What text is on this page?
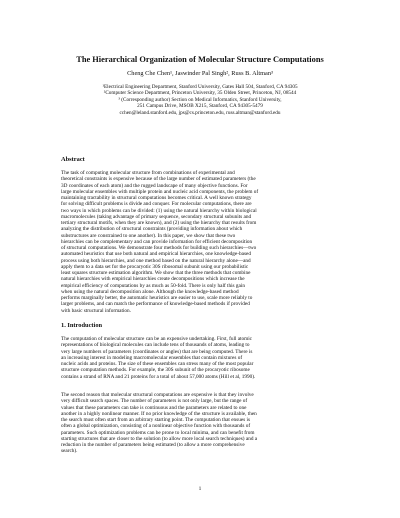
The Hierarchical Organization of Molecular Structure Computations
Cheng Che Chen¹, Jaswinder Pal Singh², Russ B. Altman³
¹Electrical Engineering Department, Stanford University, Gates Hall 504, Stanford, CA 94305
²Computer Science Department, Princeton University, 35 Olden Street, Princeton, NJ, 08544
³ (Corresponding author) Section on Medical Informatics, Stanford University,
251 Campus Drive, MSOB X215, Stanford, CA 94305-5479
cchen@leland.stanford.edu, jps@cs.princeton.edu, russ.altman@stanford.edu
Abstract
The task of computing molecular structure from combinations of experimental and
theoretical constraints is expensive because of the large number of estimated parameters (the
3D coordinates of each atom) and the rugged landscape of many objective functions. For
large molecular ensembles with multiple protein and nucleic acid components, the problem of
maintaining tractability in structural computations becomes critical. A well known strategy
for solving difficult problems is divide and conquer. For molecular computations, there are
two ways in which problems can be divided: (1) using the natural hierarchy within biological
macromolecules (taking advantage of primary sequence, secondary structural subunits and
tertiary structural motifs, when they are known), and (2) using the hierarchy that results from
analyzing the distribution of structural constraints (providing information about which
substructures are constrained to one another). In this paper, we show that these two
hierarchies can be complementary and can provide information for efficient decomposition
of structural computations. We demonstrate four methods for building such hierarchies—two
automated heuristics that use both natural and empirical hierarchies, one knowledge-based
process using both hierarchies, and one method based on the natural hierarchy alone—and
apply them to a data set for the procaryotic 30S ribosomal subunit using our probabilistic
least squares structure estimation algorithm. We show that the three methods that combine
natural hierarchies with empirical hierarchies create decompositions which increase the
empirical efficiency of computations by as much as 50-fold. There is only half this gain
when using the natural decomposition alone. Although the knowledge-based method
performs marginally better, the automatic heuristics are easier to use, scale more reliably to
larger problems, and can match the performance of knowledge-based methods if provided
with basic structural information.
1. Introduction
The computation of molecular structure can be an expensive undertaking. First, full atomic
representations of biological molecules can include tens of thousands of atoms, leading to
very large numbers of parameters (coordinates or angles) that are being computed. There is
an increasing interest in modeling macromolecular ensembles that contain mixtures of
nucleic acids and proteins. The size of these ensembles can stress many of the most popular
structure computation methods. For example, the 30S subunit of the procaryotic ribosome
contains a strand of RNA and 21 proteins for a total of about 57,000 atoms (Hill et al, 1990).
The second reason that molecular structural computations are expensive is that they involve
very difficult search spaces. The number of parameters is not only large, but the range of
values that these parameters can take is continuous and the parameters are related to one
another in a highly nonlinear manner. If no prior knowledge of the structure is available, then
the search must often start from an arbitrary starting point. The computation that ensues is
often a global optimization, consisting of a nonlinear objective function with thousands of
parameters. Such optimization problems can be prone to local minima, and can benefit from
starting structures that are closer to the solution (to allow more local search techniques) and a
reduction in the number of parameters being estimated (to allow a more comprehensive
search).
1
